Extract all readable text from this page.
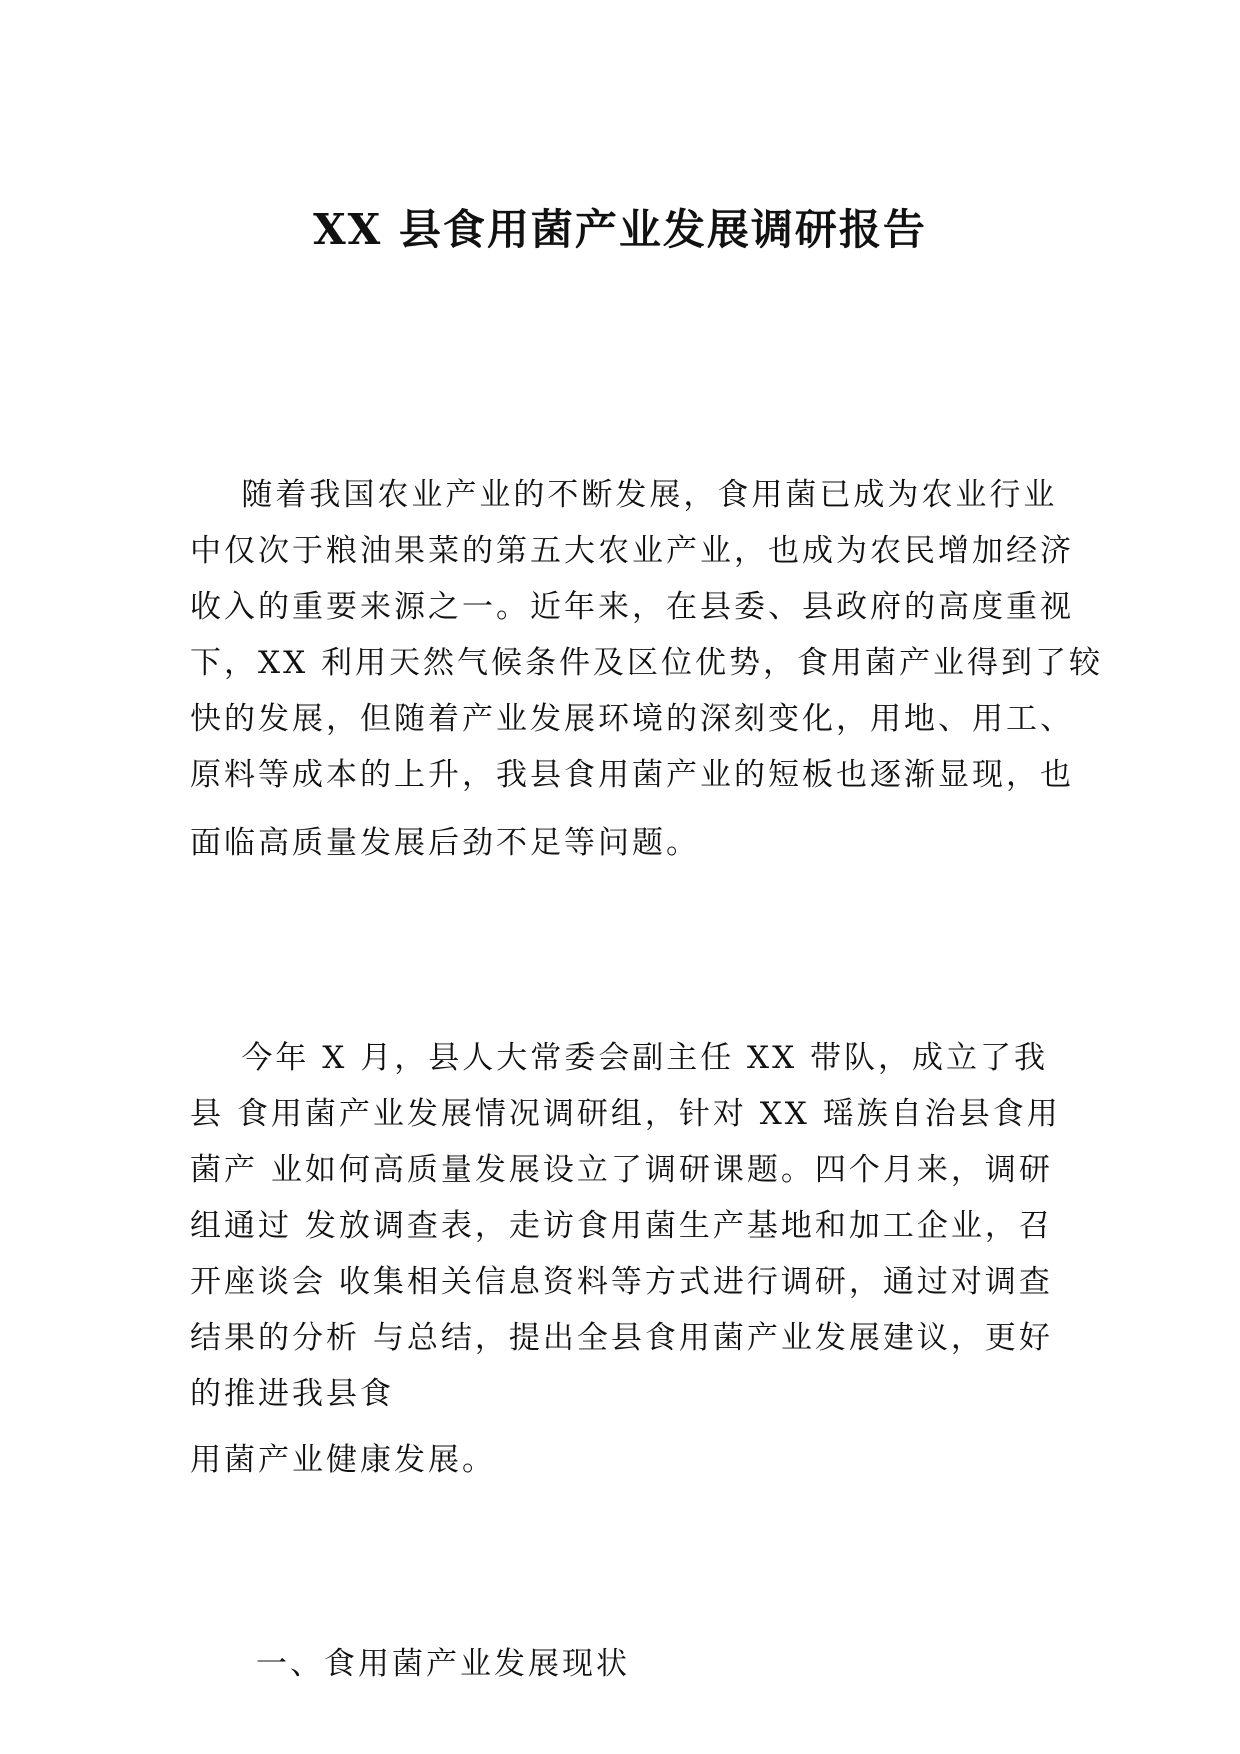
XX 县食用菌产业发展调研报告
随着我国农业产业的不断发展，食用菌已成为农业行业
中仅次于粮油果菜的第五大农业产业，也成为农民增加经济
收入的重要来源之一。近年来，在县委、县政府的高度重视
下，XX 利用天然气候条件及区位优势，食用菌产业得到了较
快的发展，但随着产业发展环境的深刻变化，用地、用工、
原料等成本的上升，我县食用菌产业的短板也逐渐显现，也
面临高质量发展后劲不足等问题。
今年 X 月，县人大常委会副主任 XX 带队，成立了我
县 食用菌产业发展情况调研组，针对 XX 瑶族自治县食用
菌产 业如何高质量发展设立了调研课题。四个月来，调研
组通过 发放调查表，走访食用菌生产基地和加工企业，召
开座谈会 收集相关信息资料等方式进行调研，通过对调查
结果的分析 与总结，提出全县食用菌产业发展建议，更好
的推进我县食
用菌产业健康发展。
一、食用菌产业发展现状
